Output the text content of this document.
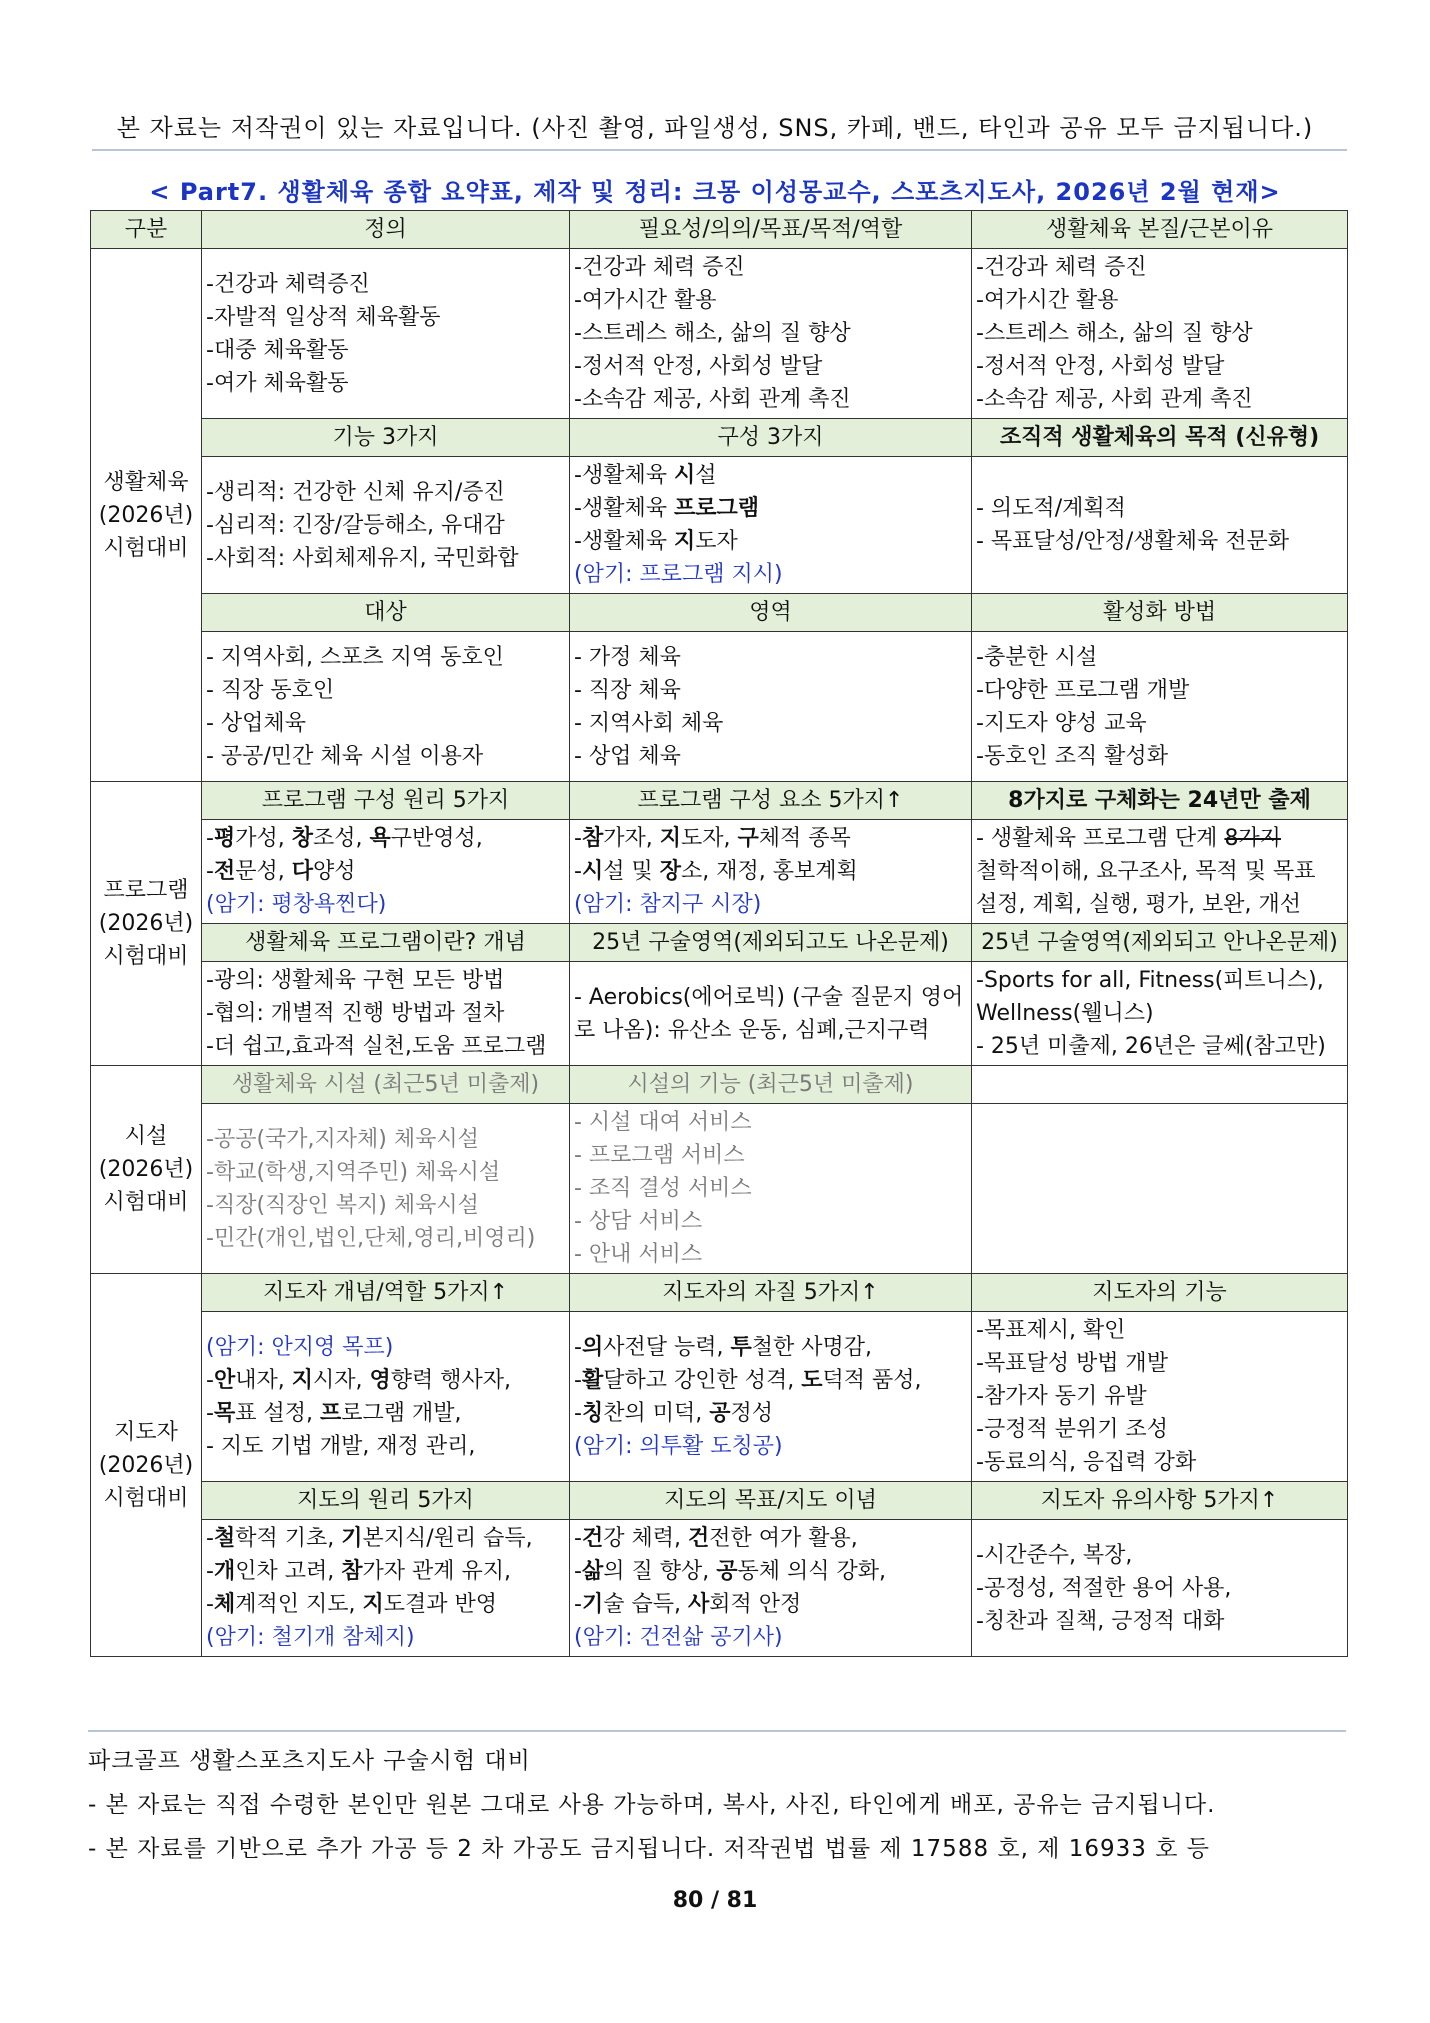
본 자료는 저작권이 있는 자료입니다. (사진 촬영, 파일생성, SNS, 카페, 밴드, 타인과 공유 모두 금지됩니다.)
< Part7. 생활체육 종합 요약표, 제작 및 정리: 크몽 이성몽교수, 스포츠지도사, 2026년 2월 현재>
구분	정의	필요성/의의/목표/목적/역할	생활체육 본질/근본이유

생활체육
(2026년)
시험대비	-건강과 체력증진
-자발적 일상적 체육활동
-대중 체육활동
-여가 체육활동	-건강과 체력 증진
-여가시간 활용
-스트레스 해소, 삶의 질 향상
-정서적 안정, 사회성 발달
-소속감 제공, 사회 관계 촉진	-건강과 체력 증진
-여가시간 활용
-스트레스 해소, 삶의 질 향상
-정서적 안정, 사회성 발달
-소속감 제공, 사회 관계 촉진

	기능 3가지	구성 3가지	조직적 생활체육의 목적 (신유형)

	-생리적: 건강한 신체 유지/증진
-심리적: 긴장/갈등해소, 유대감
-사회적: 사회체제유지, 국민화합	-생활체육 시설
-생활체육 프로그램
-생활체육 지도자
(암기: 프로그램 지시)	- 의도적/계획적
- 목표달성/안정/생활체육 전문화

	대상	영역	활성화 방법

	- 지역사회, 스포츠 지역 동호인
- 직장 동호인
- 상업체육
- 공공/민간 체육 시설 이용자	- 가정 체육
- 직장 체육
- 지역사회 체육
- 상업 체육	-충분한 시설
-다양한 프로그램 개발
-지도자 양성 교육
-동호인 조직 활성화

프로그램
(2026년)
시험대비	프로그램 구성 원리 5가지	프로그램 구성 요소 5가지↑	8가지로 구체화는 24년만 출제

	-평가성, 창조성, 욕구반영성,
-전문성, 다양성
(암기: 평창욕찐다)	-참가자, 지도자, 구체적 종목
-시설 및 장소, 재정, 홍보계획
(암기: 참지구 시장)	- 생활체육 프로그램 단계 8가지
철학적이해, 요구조사, 목적 및 목표
설정, 계획, 실행, 평가, 보완, 개선

	생활체육 프로그램이란? 개념	25년 구술영역(제외되고도 나온문제)	25년 구술영역(제외되고 안나온문제)

	-광의: 생활체육 구현 모든 방법
-협의: 개별적 진행 방법과 절차
-더 쉽고,효과적 실천,도움 프로그램	- Aerobics(에어로빅) (구술 질문지 영어
로 나옴): 유산소 운동, 심폐,근지구력	-Sports for all, Fitness(피트니스),
Wellness(웰니스)
- 25년 미출제, 26년은 글쎄(참고만)

시설
(2026년)
시험대비	생활체육 시설 (최근5년 미출제)	시설의 기능 (최근5년 미출제)	

	-공공(국가,지자체) 체육시설
-학교(학생,지역주민) 체육시설
-직장(직장인 복지) 체육시설
-민간(개인,법인,단체,영리,비영리)	- 시설 대여 서비스
- 프로그램 서비스
- 조직 결성 서비스
- 상담 서비스
- 안내 서비스	

지도자
(2026년)
시험대비	지도자 개념/역할 5가지↑	지도자의 자질 5가지↑	지도자의 기능

	(암기: 안지영 목프)
-안내자, 지시자, 영향력 행사자,
-목표 설정, 프로그램 개발,
- 지도 기법 개발, 재정 관리,	-의사전달 능력, 투철한 사명감,
-활달하고 강인한 성격, 도덕적 품성,
-칭찬의 미덕, 공정성
(암기: 의투활 도칭공)	-목표제시, 확인
-목표달성 방법 개발
-참가자 동기 유발
-긍정적 분위기 조성
-동료의식, 응집력 강화

	지도의 원리 5가지	지도의 목표/지도 이념	지도자 유의사항 5가지↑

	-철학적 기초, 기본지식/원리 습득,
-개인차 고려, 참가자 관계 유지,
-체계적인 지도, 지도결과 반영
(암기: 철기개 참체지)	-건강 체력, 건전한 여가 활용,
-삶의 질 향상, 공동체 의식 강화,
-기술 습득, 사회적 안정
(암기: 건전삶 공기사)	-시간준수, 복장,
-공정성, 적절한 용어 사용,
-칭찬과 질책, 긍정적 대화
파크골프 생활스포츠지도사 구술시험 대비
- 본 자료는 직접 수령한 본인만 원본 그대로 사용 가능하며, 복사, 사진, 타인에게 배포, 공유는 금지됩니다.
- 본 자료를 기반으로 추가 가공 등 2 차 가공도 금지됩니다. 저작권법 법률 제 17588 호, 제 16933 호 등
80 / 81
